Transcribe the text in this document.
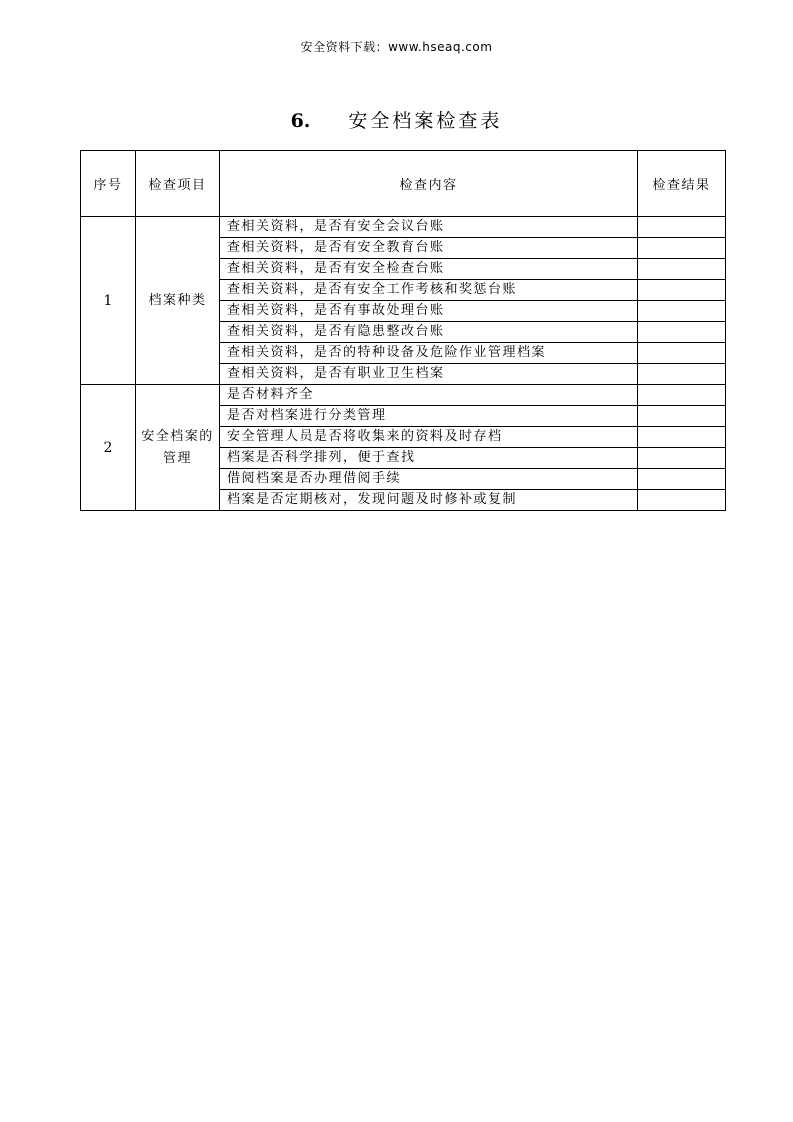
安全资料下载：www.hseaq.com
6. 安全档案检查表
序号	检查项目	检查内容	检查结果
1	档案种类	查相关资料，是否有安全会议台账	
		查相关资料，是否有安全教育台账	
		查相关资料，是否有安全检查台账	
		查相关资料，是否有安全工作考核和奖惩台账	
		查相关资料，是否有事故处理台账	
		查相关资料，是否有隐患整改台账	
		查相关资料，是否的特种设备及危险作业管理档案	
		查相关资料，是否有职业卫生档案	
2	安全档案的管理	是否材料齐全	
		是否对档案进行分类管理	
		安全管理人员是否将收集来的资料及时存档	
		档案是否科学排列，便于查找	
		借阅档案是否办理借阅手续	
		档案是否定期核对，发现问题及时修补或复制	
